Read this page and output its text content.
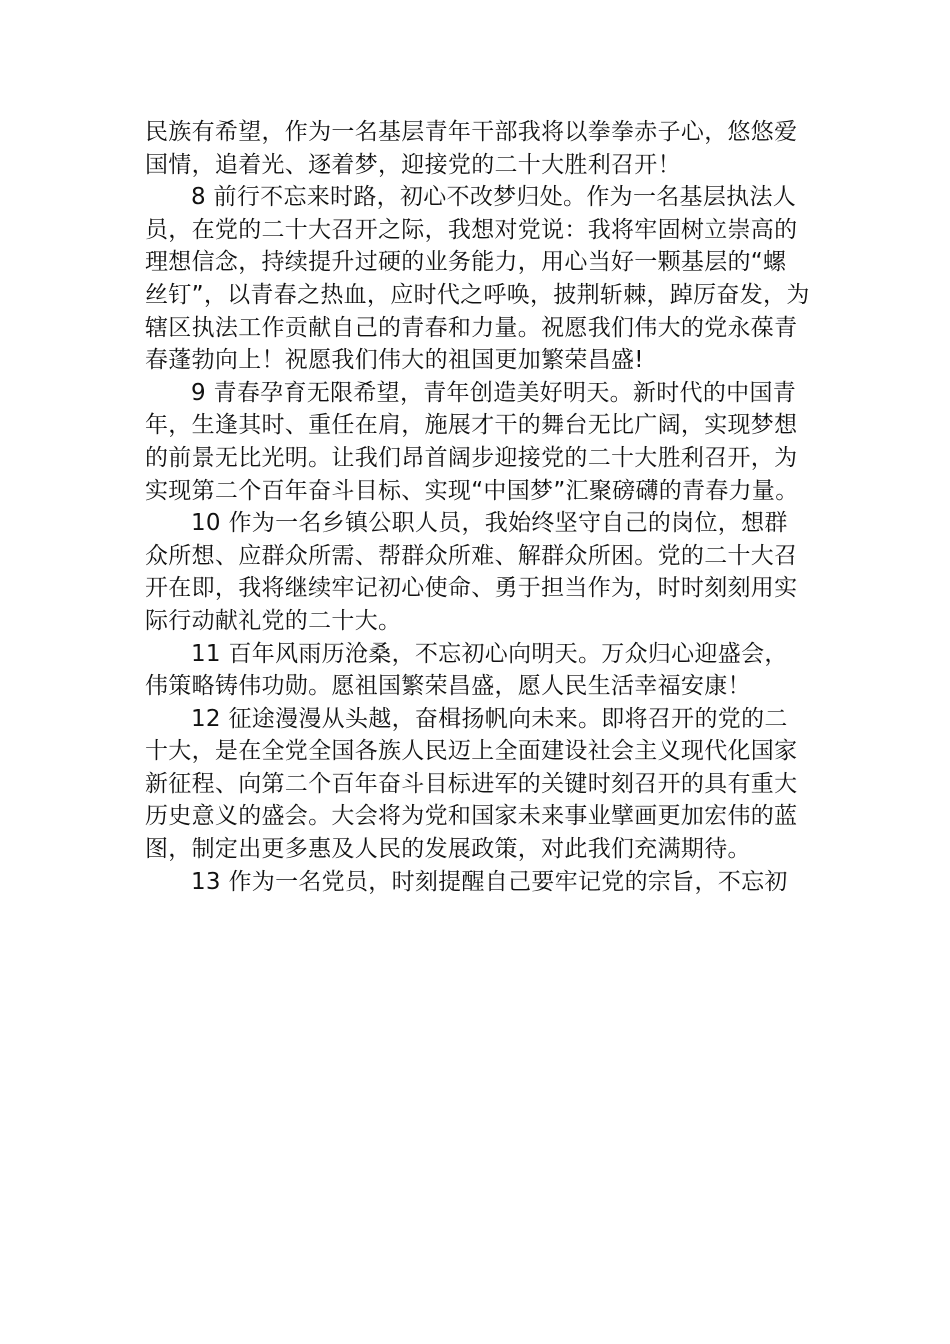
民族有希望，作为一名基层青年干部我将以拳拳赤子心，悠悠爱
国情，追着光、逐着梦，迎接党的二十大胜利召开！
8 前行不忘来时路，初心不改梦归处。作为一名基层执法人
员，在党的二十大召开之际，我想对党说：我将牢固树立崇高的
理想信念，持续提升过硬的业务能力，用心当好一颗基层的“螺
丝钉”，以青春之热血，应时代之呼唤，披荆斩棘，踔厉奋发，为
辖区执法工作贡献自己的青春和力量。祝愿我们伟大的党永葆青
春蓬勃向上！祝愿我们伟大的祖国更加繁荣昌盛!
9 青春孕育无限希望，青年创造美好明天。新时代的中国青
年，生逢其时、重任在肩，施展才干的舞台无比广阔，实现梦想
的前景无比光明。让我们昂首阔步迎接党的二十大胜利召开，为
实现第二个百年奋斗目标、实现“中国梦”汇聚磅礴的青春力量。
10 作为一名乡镇公职人员，我始终坚守自己的岗位，想群
众所想、应群众所需、帮群众所难、解群众所困。党的二十大召
开在即，我将继续牢记初心使命、勇于担当作为，时时刻刻用实
际行动献礼党的二十大。
11 百年风雨历沧桑，不忘初心向明天。万众归心迎盛会，
伟策略铸伟功勋。愿祖国繁荣昌盛，愿人民生活幸福安康！
12 征途漫漫从头越，奋楫扬帆向未来。即将召开的党的二
十大，是在全党全国各族人民迈上全面建设社会主义现代化国家
新征程、向第二个百年奋斗目标进军的关键时刻召开的具有重大
历史意义的盛会。大会将为党和国家未来事业擘画更加宏伟的蓝
图，制定出更多惠及人民的发展政策，对此我们充满期待。
13 作为一名党员，时刻提醒自己要牢记党的宗旨，不忘初
